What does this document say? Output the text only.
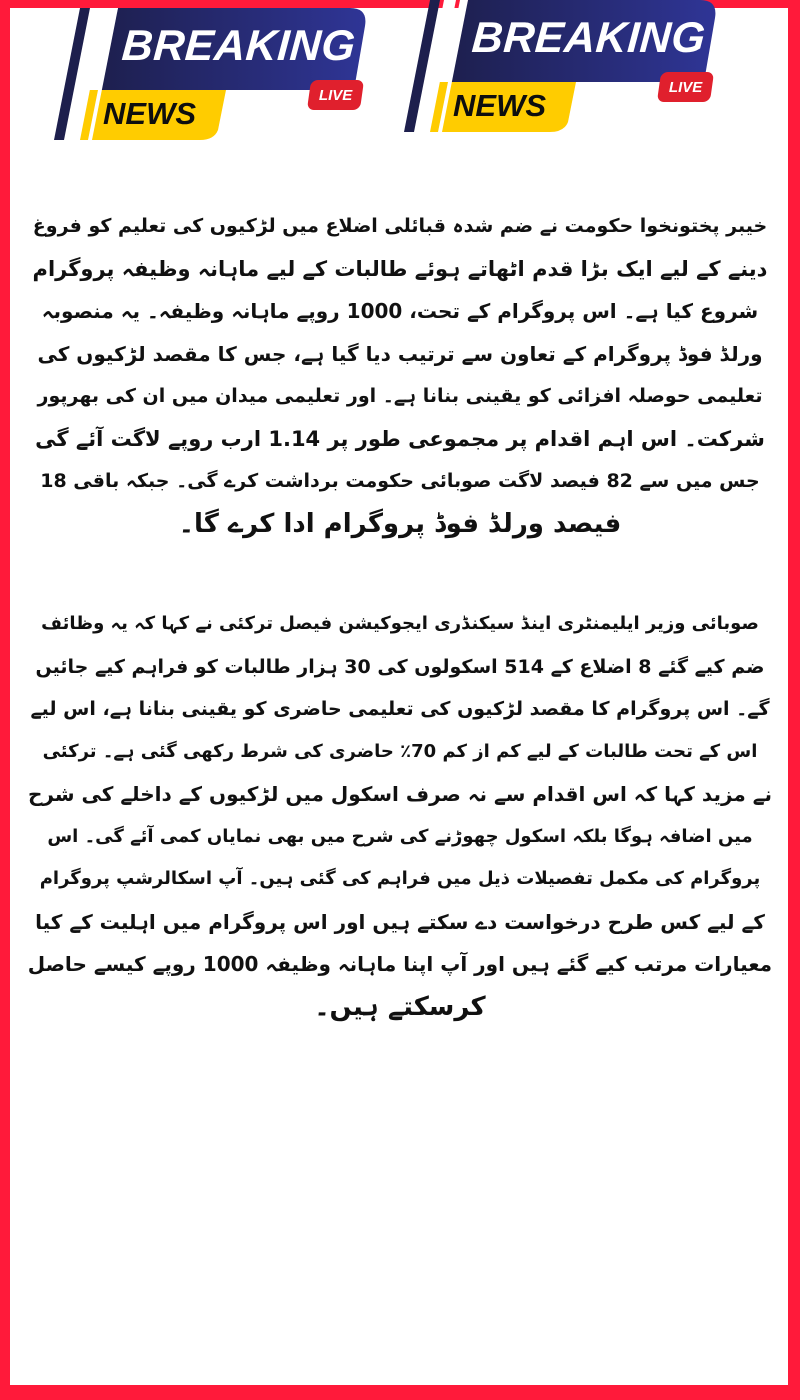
BREAKING
NEWS
LIVE
BREAKING
NEWS
LIVE

خیبر پختونخوا حکومت نے ضم شدہ قبائلی اضلاع میں لڑکیوں کی تعلیم کو فروغ
دینے کے لیے ایک بڑا قدم اٹھاتے ہوئے طالبات کے لیے ماہانہ وظیفہ پروگرام
شروع کیا ہے۔ اس پروگرام کے تحت، 1000 روپے ماہانہ وظیفہ۔ یہ منصوبہ
ورلڈ فوڈ پروگرام کے تعاون سے ترتیب دیا گیا ہے، جس کا مقصد لڑکیوں کی
تعلیمی حوصلہ افزائی کو یقینی بنانا ہے۔ اور تعلیمی میدان میں ان کی بھرپور
شرکت۔ اس اہم اقدام پر مجموعی طور پر 1.14 ارب روپے لاگت آئے گی
جس میں سے 82 فیصد لاگت صوبائی حکومت برداشت کرے گی۔ جبکہ باقی 18
فیصد ورلڈ فوڈ پروگرام ادا کرے گا۔

صوبائی وزیر ایلیمنٹری اینڈ سیکنڈری ایجوکیشن فیصل ترکئی نے کہا کہ یہ وظائف
ضم کیے گئے 8 اضلاع کے 514 اسکولوں کی 30 ہزار طالبات کو فراہم کیے جائیں
گے۔ اس پروگرام کا مقصد لڑکیوں کی تعلیمی حاضری کو یقینی بنانا ہے، اس لیے
اس کے تحت طالبات کے لیے کم از کم 70٪ حاضری کی شرط رکھی گئی ہے۔ ترکئی
نے مزید کہا کہ اس اقدام سے نہ صرف اسکول میں لڑکیوں کے داخلے کی شرح
میں اضافہ ہوگا بلکہ اسکول چھوڑنے کی شرح میں بھی نمایاں کمی آئے گی۔ اس
پروگرام کی مکمل تفصیلات ذیل میں فراہم کی گئی ہیں۔ آپ اسکالرشپ پروگرام
کے لیے کس طرح درخواست دے سکتے ہیں اور اس پروگرام میں اہلیت کے کیا
معیارات مرتب کیے گئے ہیں اور آپ اپنا ماہانہ وظیفہ 1000 روپے کیسے حاصل
کرسکتے ہیں۔
